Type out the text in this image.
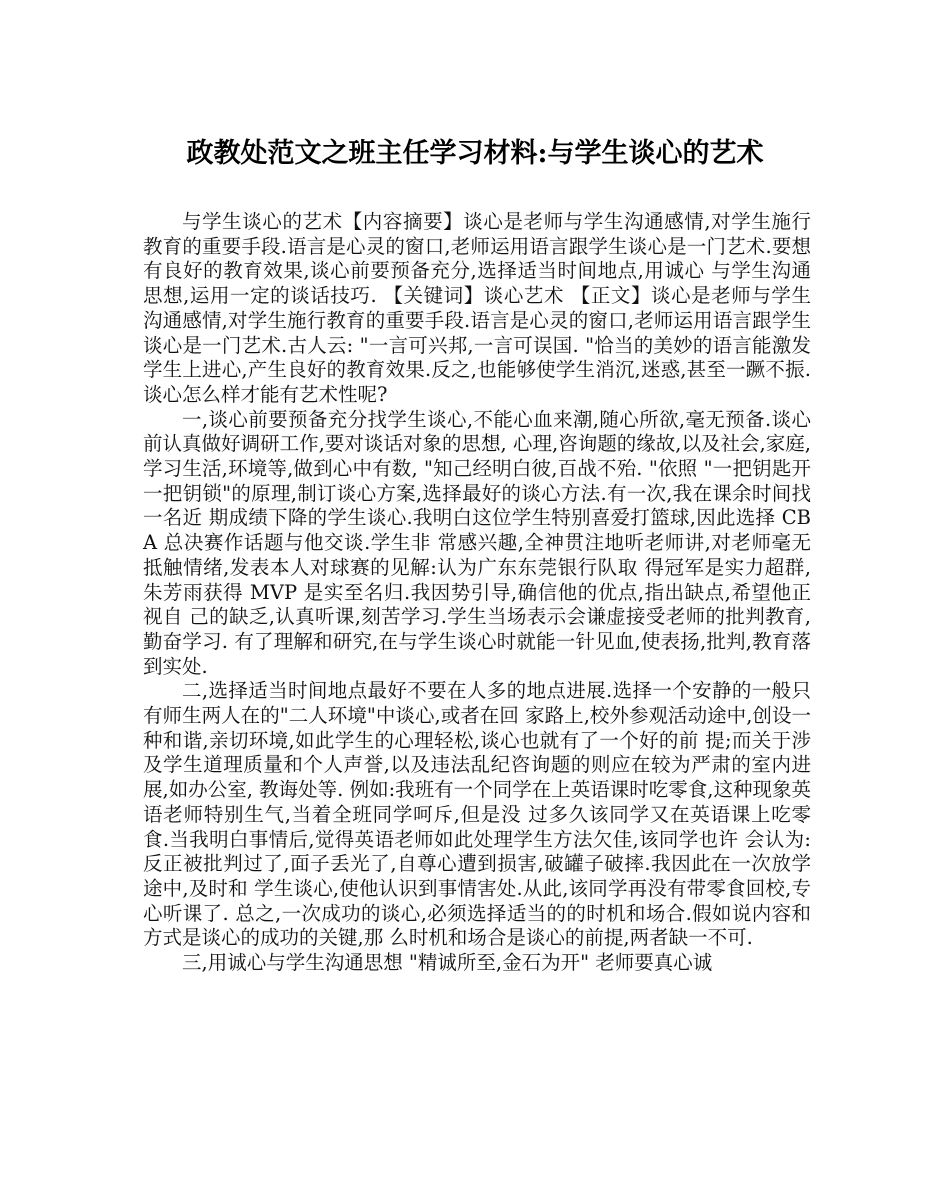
政教处范文之班主任学习材料:与学生谈心的艺术

与学生谈心的艺术【内容摘要】谈心是老师与学生沟通感情,对学生施行教育的重要手段.语言是心灵的窗口,老师运用语言跟学生谈心是一门艺术.要想有良好的教育效果,谈心前要预备充分,选择适当时间地点,用诚心 与学生沟通思想,运用一定的谈话技巧. 【关键词】谈心艺术 【正文】谈心是老师与学生沟通感情,对学生施行教育的重要手段.语言是心灵的窗口,老师运用语言跟学生谈心是一门艺术.古人云: "一言可兴邦,一言可误国. "恰当的美妙的语言能激发学生上进心,产生良好的教育效果.反之,也能够使学生消沉,迷惑,甚至一蹶不振.谈心怎么样才能有艺术性呢?

一,谈心前要预备充分找学生谈心,不能心血来潮,随心所欲,毫无预备.谈心前认真做好调研工作,要对谈话对象的思想, 心理,咨询题的缘故,以及社会,家庭,学习生活,环境等,做到心中有数, "知己经明白彼,百战不殆. "依照 "一把钥匙开一把钥锁"的原理,制订谈心方案,选择最好的谈心方法.有一次,我在课余时间找一名近 期成绩下降的学生谈心.我明白这位学生特别喜爱打篮球,因此选择 CBA 总决赛作话题与他交谈.学生非 常感兴趣,全神贯注地听老师讲,对老师毫无抵触情绪,发表本人对球赛的见解:认为广东东莞银行队取 得冠军是实力超群,朱芳雨获得 MVP 是实至名归.我因势引导,确信他的优点,指出缺点,希望他正视自 己的缺乏,认真听课,刻苦学习.学生当场表示会谦虚接受老师的批判教育,勤奋学习. 有了理解和研究,在与学生谈心时就能一针见血,使表扬,批判,教育落到实处.

二,选择适当时间地点最好不要在人多的地点进展.选择一个安静的一般只有师生两人在的"二人环境"中谈心,或者在回 家路上,校外参观活动途中,创设一种和谐,亲切环境,如此学生的心理轻松,谈心也就有了一个好的前 提;而关于涉及学生道理质量和个人声誉,以及违法乱纪咨询题的则应在较为严肃的室内进展,如办公室, 教诲处等. 例如:我班有一个同学在上英语课时吃零食,这种现象英语老师特别生气,当着全班同学呵斥,但是没 过多久该同学又在英语课上吃零食.当我明白事情后,觉得英语老师如此处理学生方法欠佳,该同学也许 会认为:反正被批判过了,面子丢光了,自尊心遭到损害,破罐子破摔.我因此在一次放学途中,及时和 学生谈心,使他认识到事情害处.从此,该同学再没有带零食回校,专心听课了. 总之,一次成功的谈心,必须选择适当的的时机和场合.假如说内容和方式是谈心的成功的关键,那 么时机和场合是谈心的前提,两者缺一不可.

三,用诚心与学生沟通思想 "精诚所至,金石为开" 老师要真心诚
